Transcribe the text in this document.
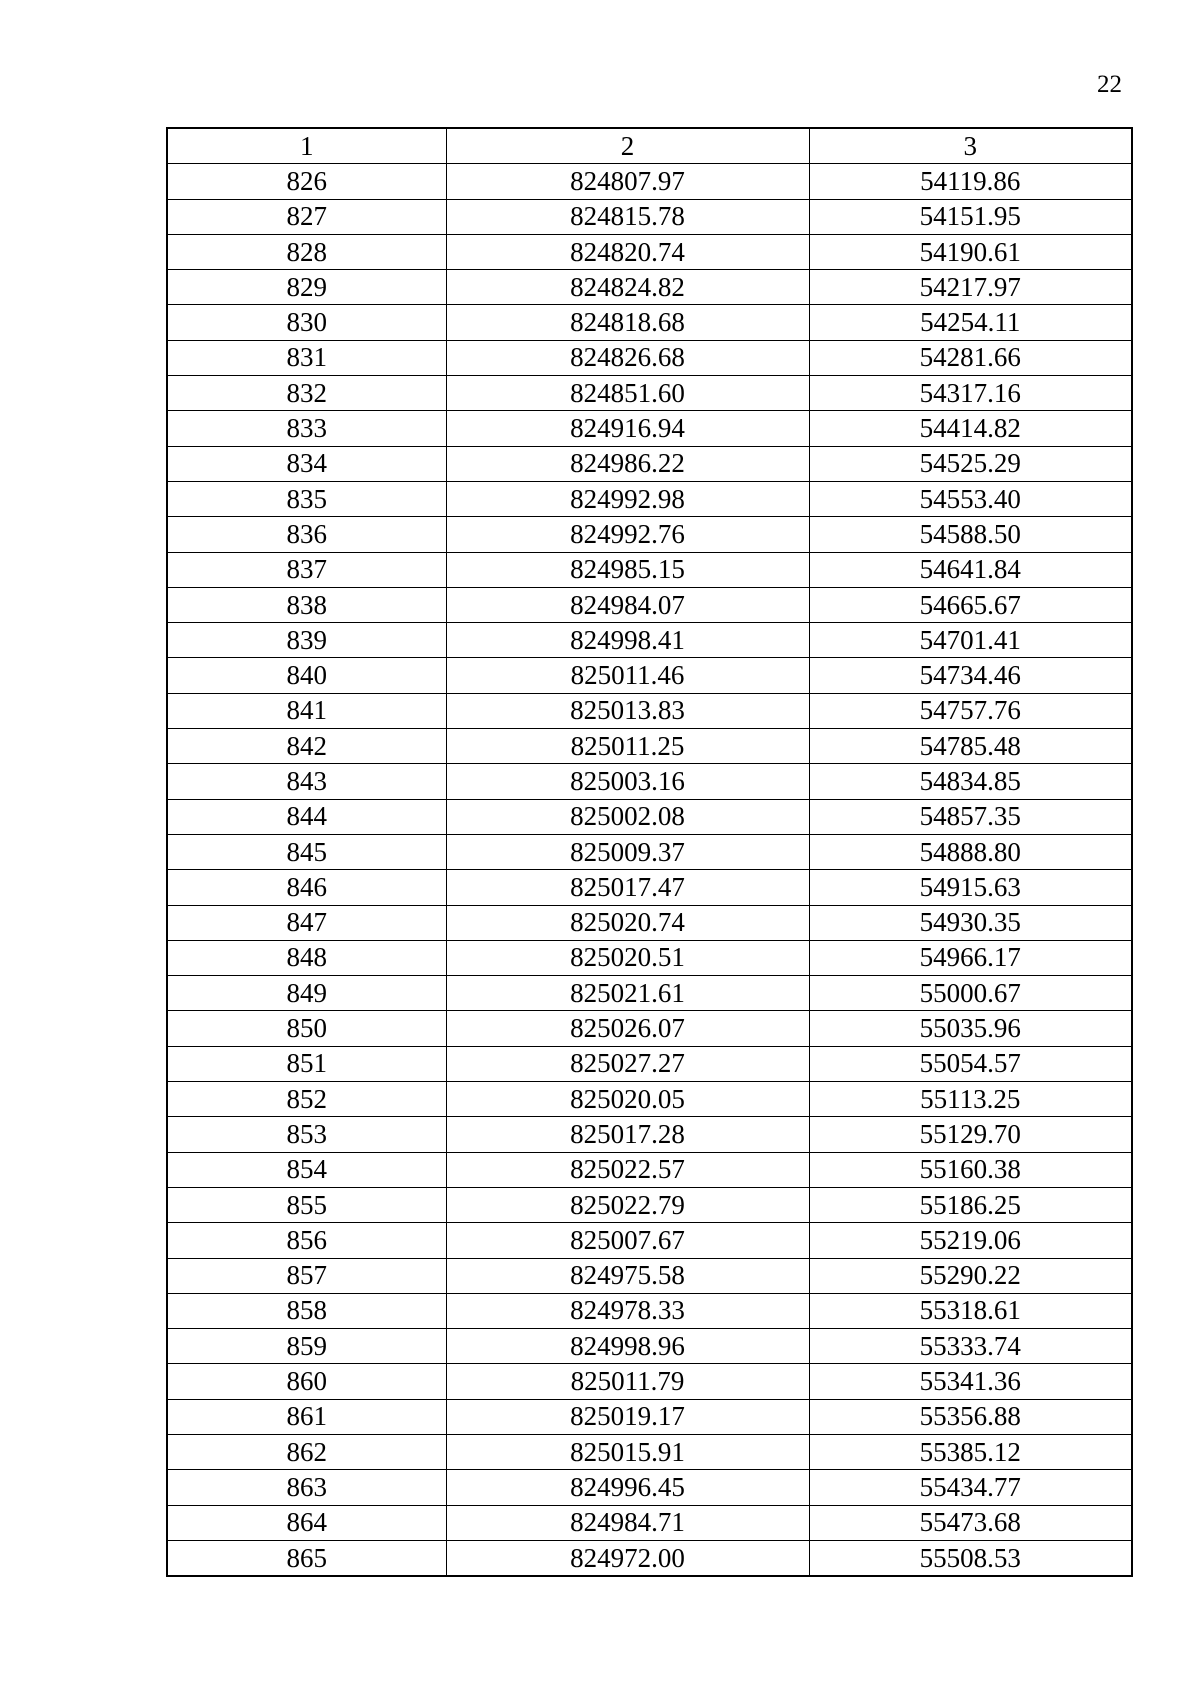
22
1	2	3
826	824807.97	54119.86
827	824815.78	54151.95
828	824820.74	54190.61
829	824824.82	54217.97
830	824818.68	54254.11
831	824826.68	54281.66
832	824851.60	54317.16
833	824916.94	54414.82
834	824986.22	54525.29
835	824992.98	54553.40
836	824992.76	54588.50
837	824985.15	54641.84
838	824984.07	54665.67
839	824998.41	54701.41
840	825011.46	54734.46
841	825013.83	54757.76
842	825011.25	54785.48
843	825003.16	54834.85
844	825002.08	54857.35
845	825009.37	54888.80
846	825017.47	54915.63
847	825020.74	54930.35
848	825020.51	54966.17
849	825021.61	55000.67
850	825026.07	55035.96
851	825027.27	55054.57
852	825020.05	55113.25
853	825017.28	55129.70
854	825022.57	55160.38
855	825022.79	55186.25
856	825007.67	55219.06
857	824975.58	55290.22
858	824978.33	55318.61
859	824998.96	55333.74
860	825011.79	55341.36
861	825019.17	55356.88
862	825015.91	55385.12
863	824996.45	55434.77
864	824984.71	55473.68
865	824972.00	55508.53
